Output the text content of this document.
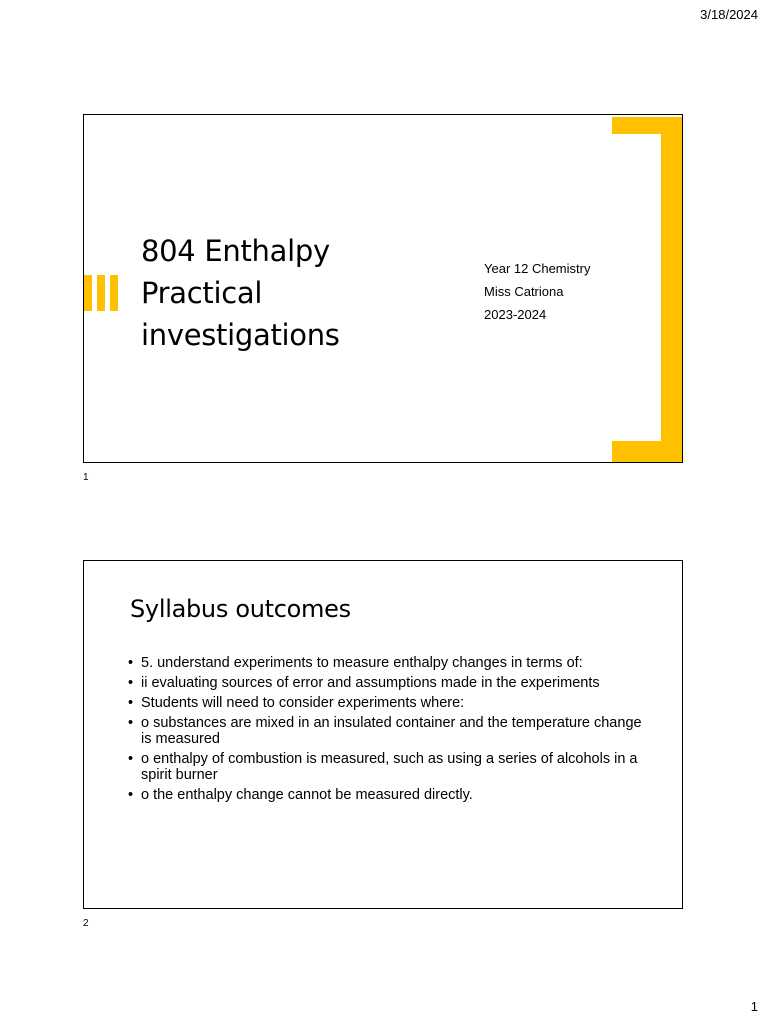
3/18/2024
804 Enthalpy
Practical
investigations
Year 12 Chemistry
Miss Catriona
2023-2024
1
Syllabus outcomes
• 5. understand experiments to measure enthalpy changes in terms of:
• ii evaluating sources of error and assumptions made in the experiments
• Students will need to consider experiments where:
• o substances are mixed in an insulated container and the temperature change is measured
• o enthalpy of combustion is measured, such as using a series of alcohols in a spirit burner
• o the enthalpy change cannot be measured directly.
2
1
